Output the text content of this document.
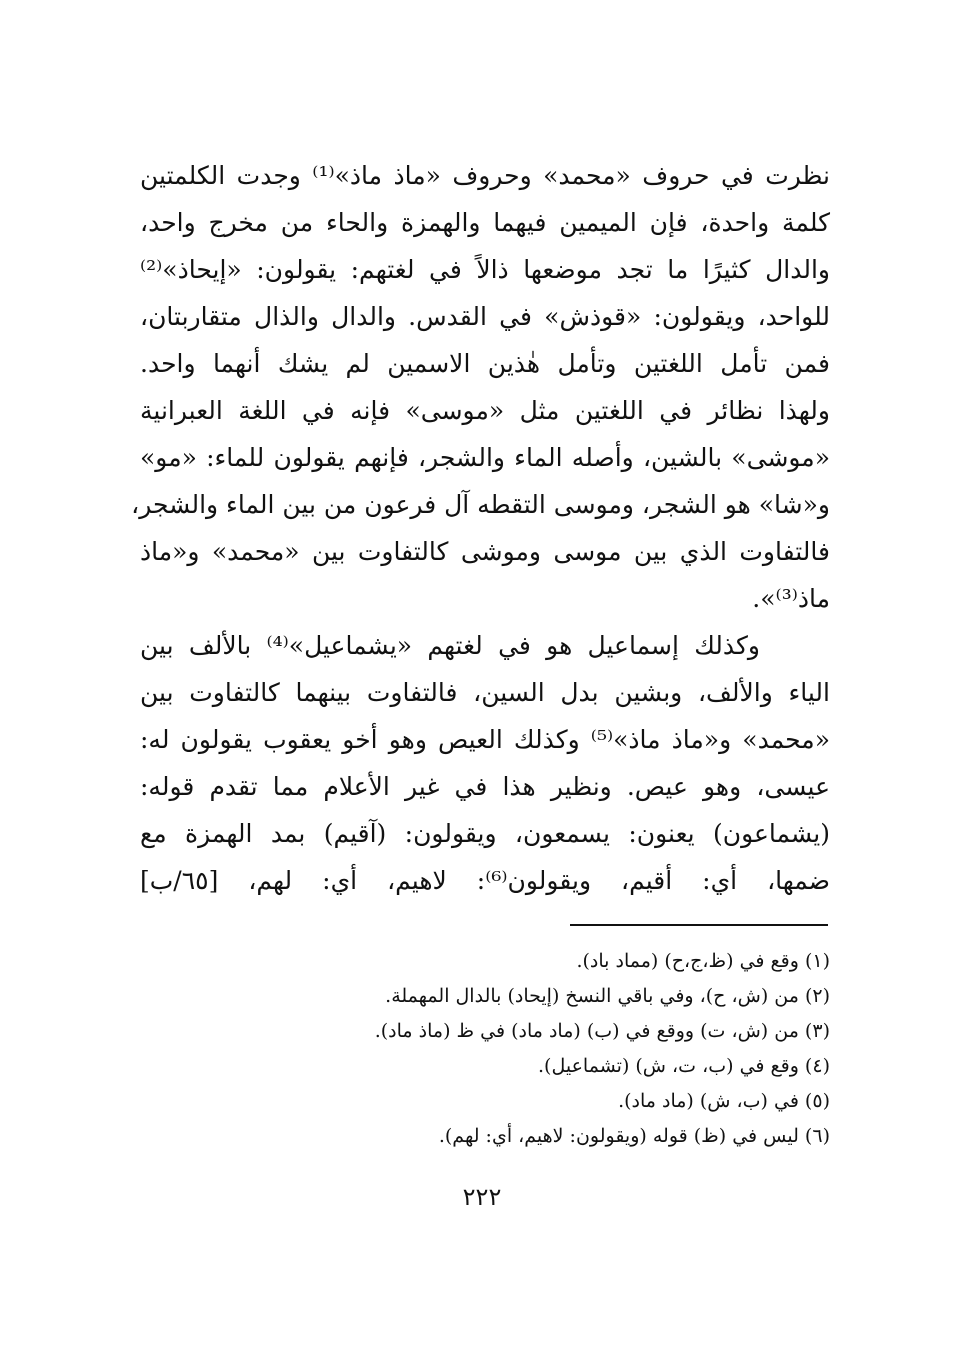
نظرت في حروف «محمد» وحروف «ماذ ماذ»⁽¹⁾ وجدت الكلمتين
كلمة واحدة، فإن الميمين فيهما والهمزة والحاء من مخرج واحد،
والدال كثيرًا ما تجد موضعها ذالاً في لغتهم: يقولون: «إيحاذ»⁽²⁾
للواحد، ويقولون: «قوذش» في القدس. والدال والذال متقاربتان،
فمن تأمل اللغتين وتأمل هٰذين الاسمين لم يشك أنهما واحد.
ولهذا نظائر في اللغتين مثل «موسى» فإنه في اللغة العبرانية
«موشى» بالشين، وأصله الماء والشجر، فإنهم يقولون للماء: «مو»
و«شا» هو الشجر، وموسى التقطه آل فرعون من بين الماء والشجر،
فالتفاوت الذي بين موسى وموشى كالتفاوت بين «محمد» و«ماذ
ماذ⁽³⁾».
وكذلك إسماعيل هو في لغتهم «يشماعيل»⁽⁴⁾ بالألف بين
الياء والألف، وبشين بدل السين، فالتفاوت بينهما كالتفاوت بين
«محمد» و«ماذ ماذ»⁽⁵⁾ وكذلك العيص وهو أخو يعقوب يقولون له:
عيسى، وهو عيص. ونظير هذا في غير الأعلام مما تقدم قوله:
(يشماعون) يعنون: يسمعون، ويقولون: (آقيم) بمد الهمزة مع
ضمها، أي: أقيم، ويقولون⁽⁶⁾: لاهيم، أي: لهم، [٦٥/ب]
(١) وقع في (ظ،ج،ح) (مماد باد).
(٢) من (ش، ح)، وفي باقي النسخ (إيحاد) بالدال المهملة.
(٣) من (ش، ت) ووقع في (ب) (ماد ماد) في ظ (ماذ ماد).
(٤) وقع في (ب، ت، ش) (تشماعيل).
(٥) في (ب، ش) (ماد ماد).
(٦) ليس في (ظ) قوله (ويقولون: لاهيم، أي: لهم).
٢٢٢
